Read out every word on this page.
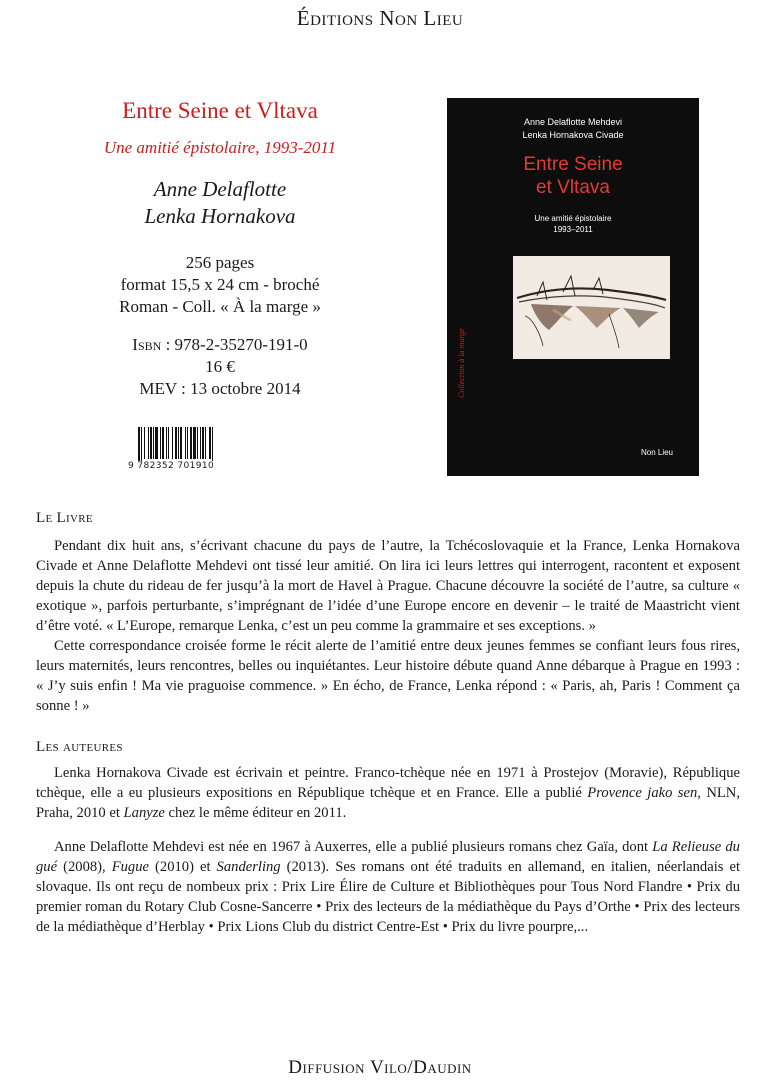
Éditions Non Lieu
Entre Seine et Vltava
Une amitié épistolaire, 1993-2011
Anne Delaflotte
Lenka Hornakova
256 pages
format 15,5 x 24 cm - broché
Roman - Coll. « À la marge »
Isbn : 978-2-35270-191-0
16 €
MEV : 13 octobre 2014
9 782352 701910
Anne Delaflotte Mehdevi
Lenka Hornakova Civade
Entre Seine
et Vltava
Une amitié épistolaire
1993–2011
Collection à la marge
Non Lieu
Le Livre
Pendant dix huit ans, s’écrivant chacune du pays de l’autre, la Tchécoslovaquie et la France, Lenka Hornakova Civade et Anne Delaflotte Mehdevi ont tissé leur amitié. On lira ici leurs lettres qui interrogent, racontent et exposent depuis la chute du rideau de fer jusqu’à la mort de Havel à Prague. Chacune découvre la société de l’autre, sa culture « exotique », parfois perturbante, s’imprégnant de l’idée d’une Europe encore en devenir – le traité de Maastricht vient d’être voté. « L’Europe, remarque Lenka, c’est un peu comme la grammaire et ses exceptions. »
Cette correspondance croisée forme le récit alerte de l’amitié entre deux jeunes femmes se confiant leurs fous rires, leurs maternités, leurs rencontres, belles ou inquiétantes. Leur histoire débute quand Anne débarque à Prague en 1993 : « J’y suis enfin ! Ma vie praguoise commence. » En écho, de France, Lenka répond : « Paris, ah, Paris ! Comment ça sonne ! »
Les auteures
Lenka Hornakova Civade est écrivain et peintre. Franco-tchèque née en 1971 à Prostejov (Moravie), République tchèque, elle a eu plusieurs expositions en République tchèque et en France. Elle a publié Provence jako sen, NLN, Praha, 2010 et Lanyze chez le même éditeur en 2011.
Anne Delaflotte Mehdevi est née en 1967 à Auxerres, elle a publié plusieurs romans chez Gaïa, dont La Relieuse du gué (2008), Fugue (2010) et Sanderling (2013). Ses romans ont été traduits en allemand, en italien, néerlandais et slovaque. Ils ont reçu de nombeux prix : Prix Lire Élire de Culture et Bibliothèques pour Tous Nord Flandre • Prix du premier roman du Rotary Club Cosne-Sancerre • Prix des lecteurs de la médiathèque du Pays d’Orthe • Prix des lecteurs de la médiathèque d’Herblay • Prix Lions Club du district Centre-Est • Prix du livre pourpre,...
Diffusion Vilo/Daudin
